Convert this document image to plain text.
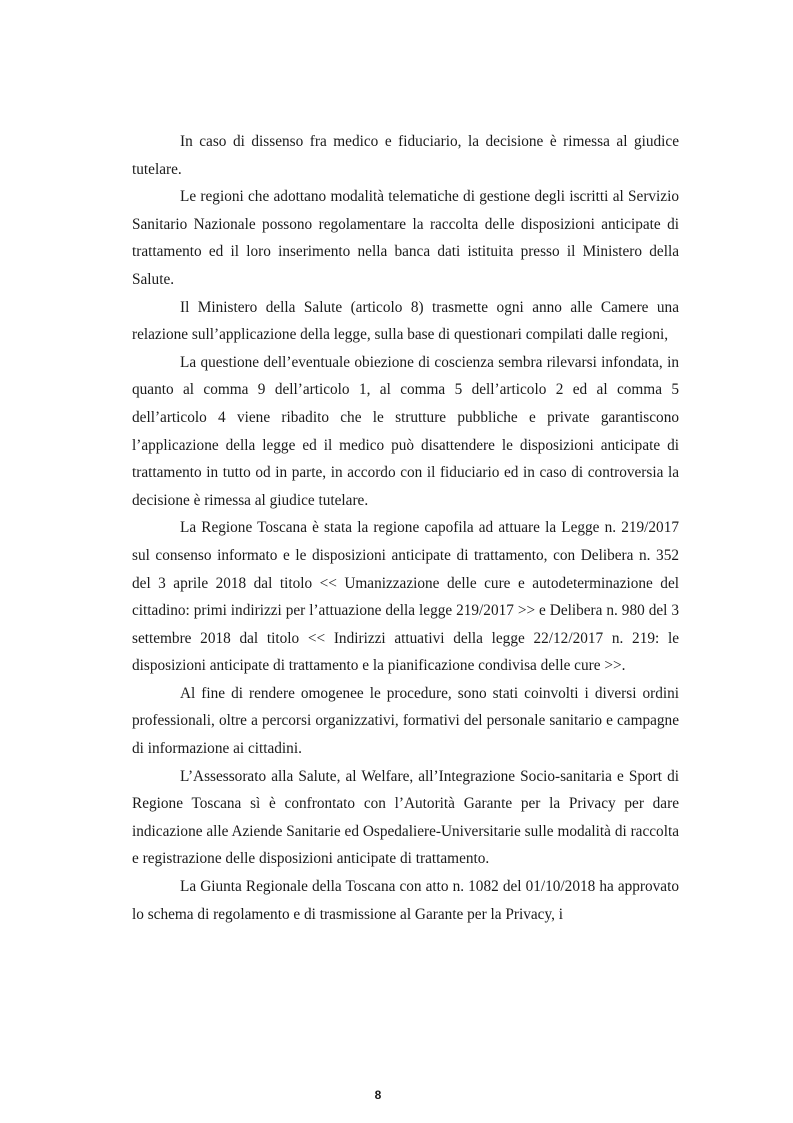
In caso di dissenso fra medico e fiduciario, la decisione è rimessa al giudice tutelare.

Le regioni che adottano modalità telematiche di gestione degli iscritti al Servizio Sanitario Nazionale possono regolamentare la raccolta delle disposizioni anticipate di trattamento ed il loro inserimento nella banca dati istituita presso il Ministero della Salute.

Il Ministero della Salute (articolo 8) trasmette ogni anno alle Camere una relazione sull’applicazione della legge, sulla base di questionari compilati dalle regioni,

La questione dell’eventuale obiezione di coscienza sembra rilevarsi infondata, in quanto al comma 9 dell’articolo 1, al comma 5 dell’articolo 2 ed al comma 5 dell’articolo 4 viene ribadito che le strutture pubbliche e private garantiscono l’applicazione della legge ed il medico può disattendere le disposizioni anticipate di trattamento in tutto od in parte, in accordo con il fiduciario ed in caso di controversia la decisione è rimessa al giudice tutelare.

La Regione Toscana è stata la regione capofila ad attuare la Legge n. 219/2017 sul consenso informato e le disposizioni anticipate di trattamento, con Delibera n. 352 del 3 aprile 2018 dal titolo << Umanizzazione delle cure e autodeterminazione del cittadino: primi indirizzi per l’attuazione della legge 219/2017 >> e Delibera n. 980 del 3 settembre 2018 dal titolo << Indirizzi attuativi della legge 22/12/2017 n. 219: le disposizioni anticipate di trattamento e la pianificazione condivisa delle cure >>.

Al fine di rendere omogenee le procedure, sono stati coinvolti i diversi ordini professionali, oltre a percorsi organizzativi, formativi del personale sanitario e campagne di informazione ai cittadini.

L’Assessorato alla Salute, al Welfare, all’Integrazione Socio-sanitaria e Sport di Regione Toscana sì è confrontato con l’Autorità Garante per la Privacy per dare indicazione alle Aziende Sanitarie ed Ospedaliere-Universitarie sulle modalità di raccolta e registrazione delle disposizioni anticipate di trattamento.

La Giunta Regionale della Toscana con atto n. 1082 del 01/10/2018 ha approvato lo schema di regolamento e di trasmissione al Garante per la Privacy, i

8
